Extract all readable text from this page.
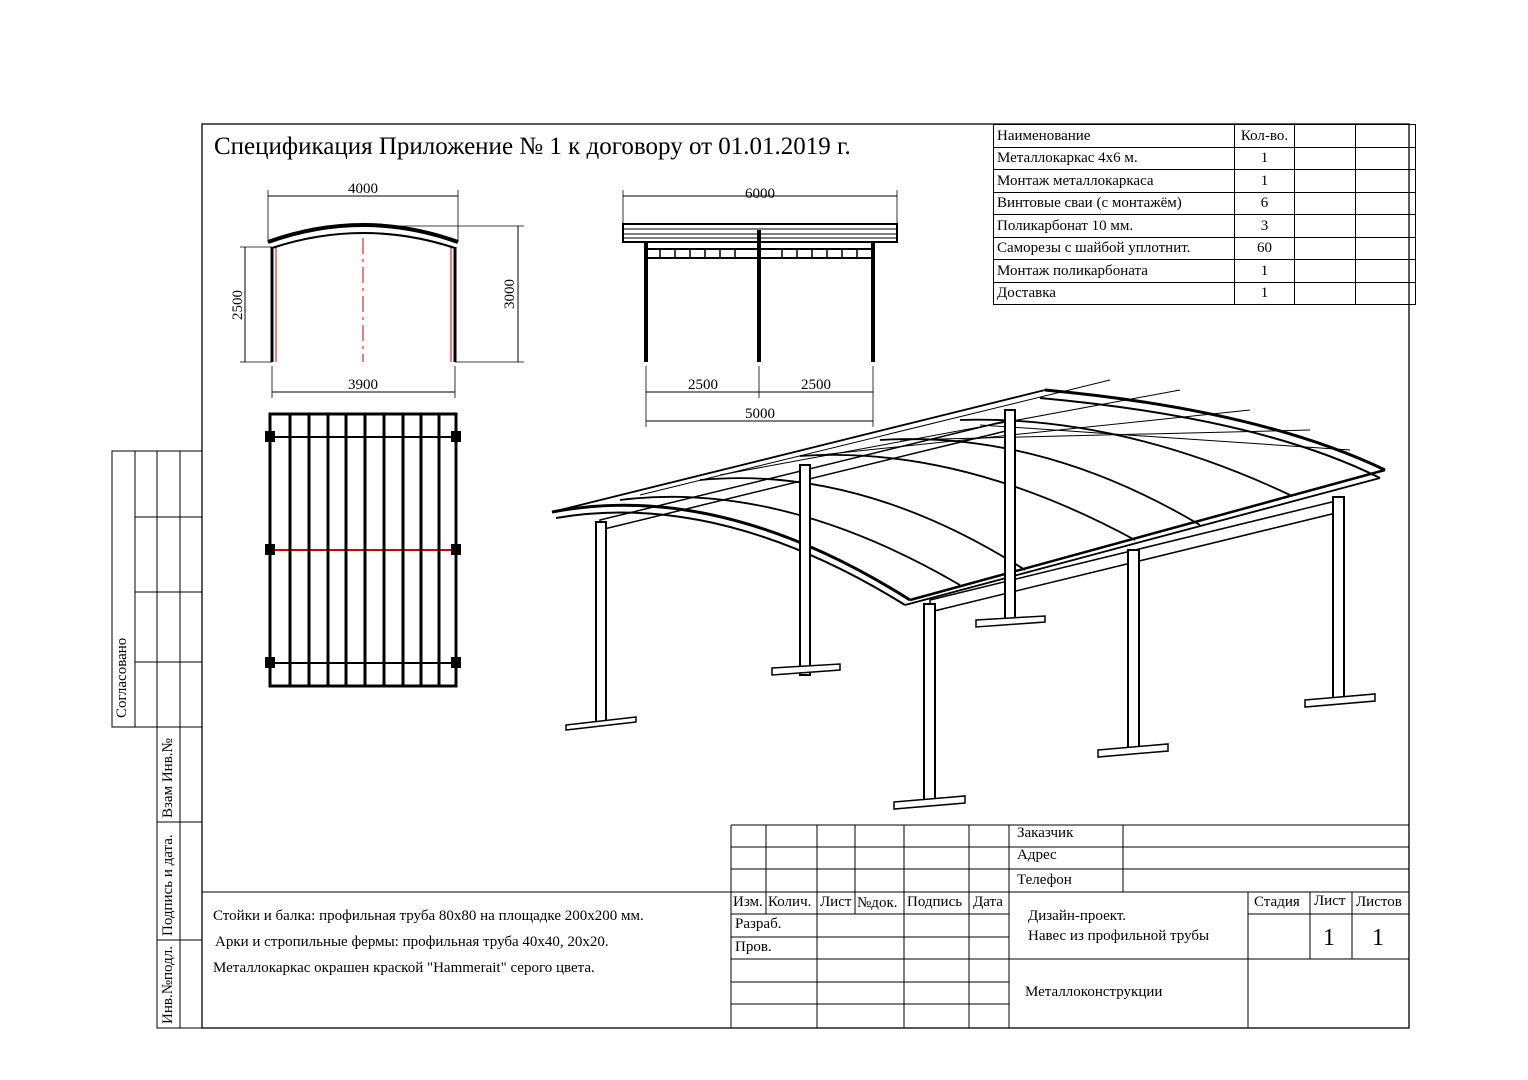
4000
3900
2500	3000
6000
2500	2500
5000
Спецификация Приложение № 1 к договору от 01.01.2019 г.	Наименование	Кол-во.		
Металлокаркас 4х6 м.	1		
Монтаж металлокаркаса	1		
Винтовые сваи (с монтажём)	6		
Поликарбонат 10 мм.	3		
Саморезы с шайбой уплотнит.	60		
Монтаж поликарбоната	1		
Доставка	1		
Стойки и балка: профильная труба 80х80 на площадке 200х200 мм.
Арки и стропильные фермы: профильная труба 40х40, 20х20.
Металлокаркас окрашен краской "Hammerait" серого цвета.
Заказчик
Адрес
Телефон
Изм. Колич. Лист №док. Подпись Дата
Разраб.
Пров.
Дизайн-проект.
Навес из профильной трубы
Стадия Лист Листов
1 1
Металлоконструкции
Согласовано
Взам Инв.№
Подпись и дата.
Инв.№подл.
